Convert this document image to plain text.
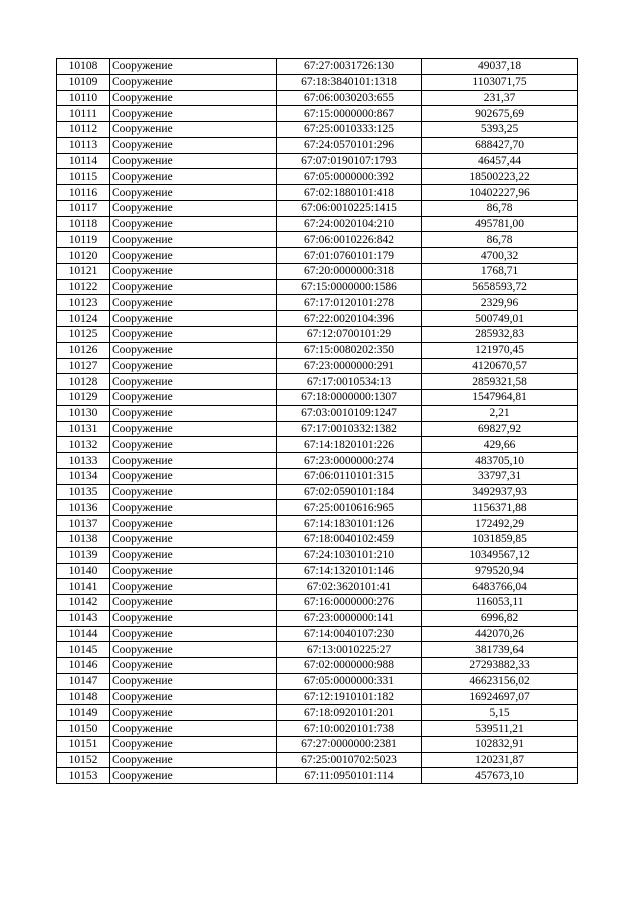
10108	Сооружение	67:27:0031726:130	49037,18
10109	Сооружение	67:18:3840101:1318	1103071,75
10110	Сооружение	67:06:0030203:655	231,37
10111	Сооружение	67:15:0000000:867	902675,69
10112	Сооружение	67:25:0010333:125	5393,25
10113	Сооружение	67:24:0570101:296	688427,70
10114	Сооружение	67:07:0190107:1793	46457,44
10115	Сооружение	67:05:0000000:392	18500223,22
10116	Сооружение	67:02:1880101:418	10402227,96
10117	Сооружение	67:06:0010225:1415	86,78
10118	Сооружение	67:24:0020104:210	495781,00
10119	Сооружение	67:06:0010226:842	86,78
10120	Сооружение	67:01:0760101:179	4700,32
10121	Сооружение	67:20:0000000:318	1768,71
10122	Сооружение	67:15:0000000:1586	5658593,72
10123	Сооружение	67:17:0120101:278	2329,96
10124	Сооружение	67:22:0020104:396	500749,01
10125	Сооружение	67:12:0700101:29	285932,83
10126	Сооружение	67:15:0080202:350	121970,45
10127	Сооружение	67:23:0000000:291	4120670,57
10128	Сооружение	67:17:0010534:13	2859321,58
10129	Сооружение	67:18:0000000:1307	1547964,81
10130	Сооружение	67:03:0010109:1247	2,21
10131	Сооружение	67:17:0010332:1382	69827,92
10132	Сооружение	67:14:1820101:226	429,66
10133	Сооружение	67:23:0000000:274	483705,10
10134	Сооружение	67:06:0110101:315	33797,31
10135	Сооружение	67:02:0590101:184	3492937,93
10136	Сооружение	67:25:0010616:965	1156371,88
10137	Сооружение	67:14:1830101:126	172492,29
10138	Сооружение	67:18:0040102:459	1031859,85
10139	Сооружение	67:24:1030101:210	10349567,12
10140	Сооружение	67:14:1320101:146	979520,94
10141	Сооружение	67:02:3620101:41	6483766,04
10142	Сооружение	67:16:0000000:276	116053,11
10143	Сооружение	67:23:0000000:141	6996,82
10144	Сооружение	67:14:0040107:230	442070,26
10145	Сооружение	67:13:0010225:27	381739,64
10146	Сооружение	67:02:0000000:988	27293882,33
10147	Сооружение	67:05:0000000:331	46623156,02
10148	Сооружение	67:12:1910101:182	16924697,07
10149	Сооружение	67:18:0920101:201	5,15
10150	Сооружение	67:10:0020101:738	539511,21
10151	Сооружение	67:27:0000000:2381	102832,91
10152	Сооружение	67:25:0010702:5023	120231,87
10153	Сооружение	67:11:0950101:114	457673,10
